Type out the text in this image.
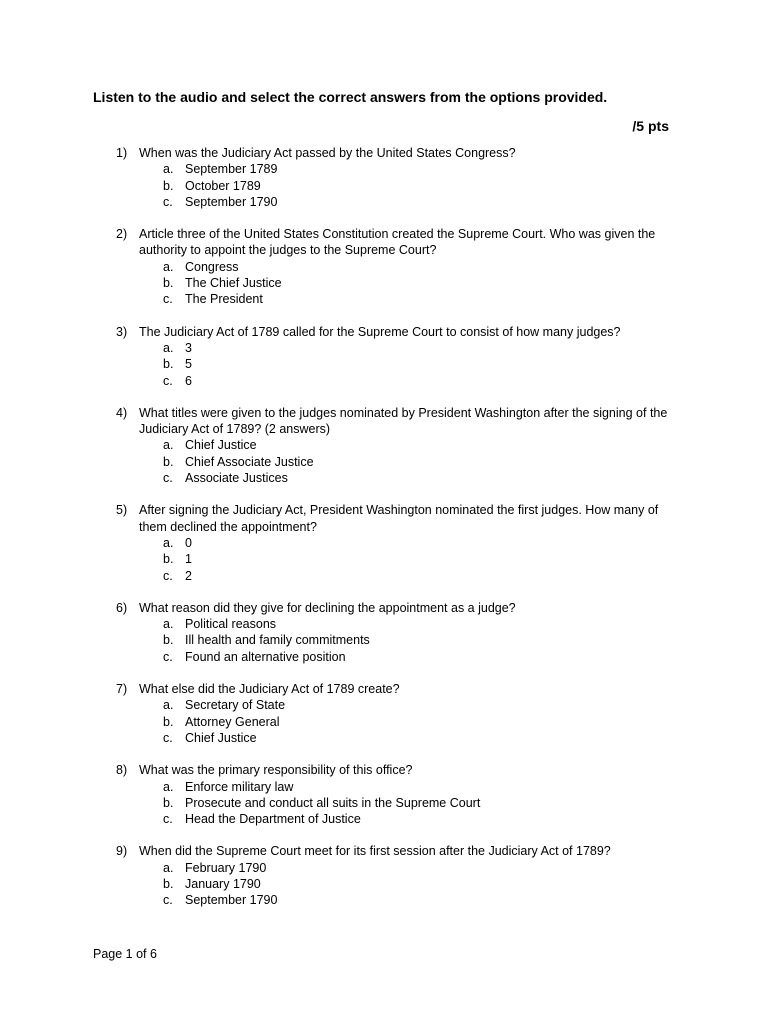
Listen to the audio and select the correct answers from the options provided.
/5 pts
1) When was the Judiciary Act passed by the United States Congress?
a. September 1789
b. October 1789
c. September 1790
2) Article three of the United States Constitution created the Supreme Court. Who was given the authority to appoint the judges to the Supreme Court?
a. Congress
b. The Chief Justice
c. The President
3) The Judiciary Act of 1789 called for the Supreme Court to consist of how many judges?
a. 3
b. 5
c. 6
4) What titles were given to the judges nominated by President Washington after the signing of the Judiciary Act of 1789? (2 answers)
a. Chief Justice
b. Chief Associate Justice
c. Associate Justices
5) After signing the Judiciary Act, President Washington nominated the first judges. How many of them declined the appointment?
a. 0
b. 1
c. 2
6) What reason did they give for declining the appointment as a judge?
a. Political reasons
b. Ill health and family commitments
c. Found an alternative position
7) What else did the Judiciary Act of 1789 create?
a. Secretary of State
b. Attorney General
c. Chief Justice
8) What was the primary responsibility of this office?
a. Enforce military law
b. Prosecute and conduct all suits in the Supreme Court
c. Head the Department of Justice
9) When did the Supreme Court meet for its first session after the Judiciary Act of 1789?
a. February 1790
b. January 1790
c. September 1790
Page 1 of 6
